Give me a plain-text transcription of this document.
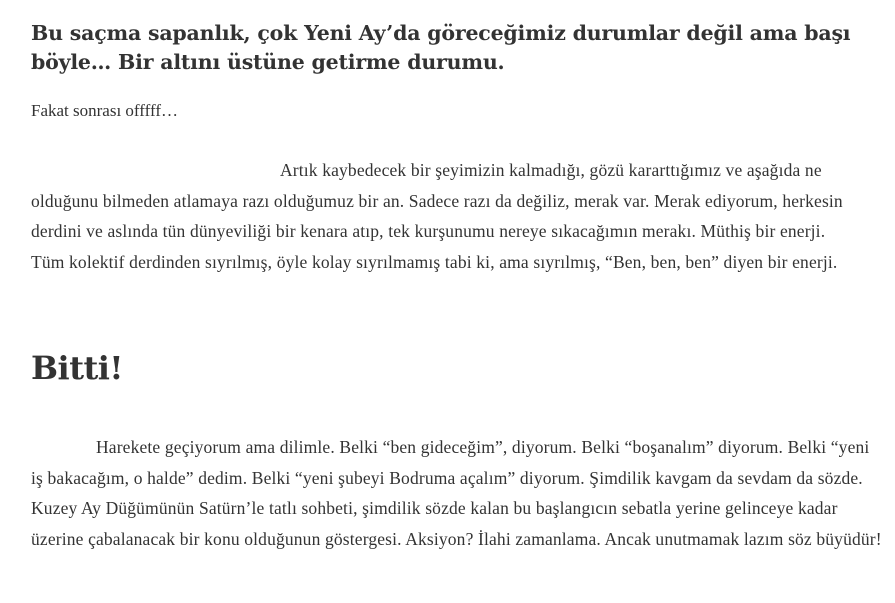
Bu saçma sapanlık, çok Yeni Ay’da göreceğimiz durumlar değil ama başı böyle… Bir altını üstüne getirme durumu.

Fakat sonrası offfff…

Artık kaybedecek bir şeyimizin kalmadığı, gözü kararttığımız ve aşağıda ne olduğunu bilmeden atlamaya razı olduğumuz bir an. Sadece razı da değiliz, merak var. Merak ediyorum, herkesin derdini ve aslında tün dünyeviliği bir kenara atıp, tek kurşunumu nereye sıkacağımın merakı. Müthiş bir enerji. Tüm kolektif derdinden sıyrılmış, öyle kolay sıyrılmamış tabi ki, ama sıyrılmış, “Ben, ben, ben” diyen bir enerji.

Bitti!

Harekete geçiyorum ama dilimle. Belki “ben gideceğim”, diyorum. Belki “boşanalım” diyorum. Belki “yeni iş bakacağım, o halde” dedim. Belki “yeni şubeyi Bodruma açalım” diyorum. Şimdilik kavgam da sevdam da sözde. Kuzey Ay Düğümünün Satürn’le tatlı sohbeti, şimdilik sözde kalan bu başlangıcın sebatla yerine gelinceye kadar üzerine çabalanacak bir konu olduğunun göstergesi. Aksiyon? İlahi zamanlama. Ancak unutmamak lazım söz büyüdür!
